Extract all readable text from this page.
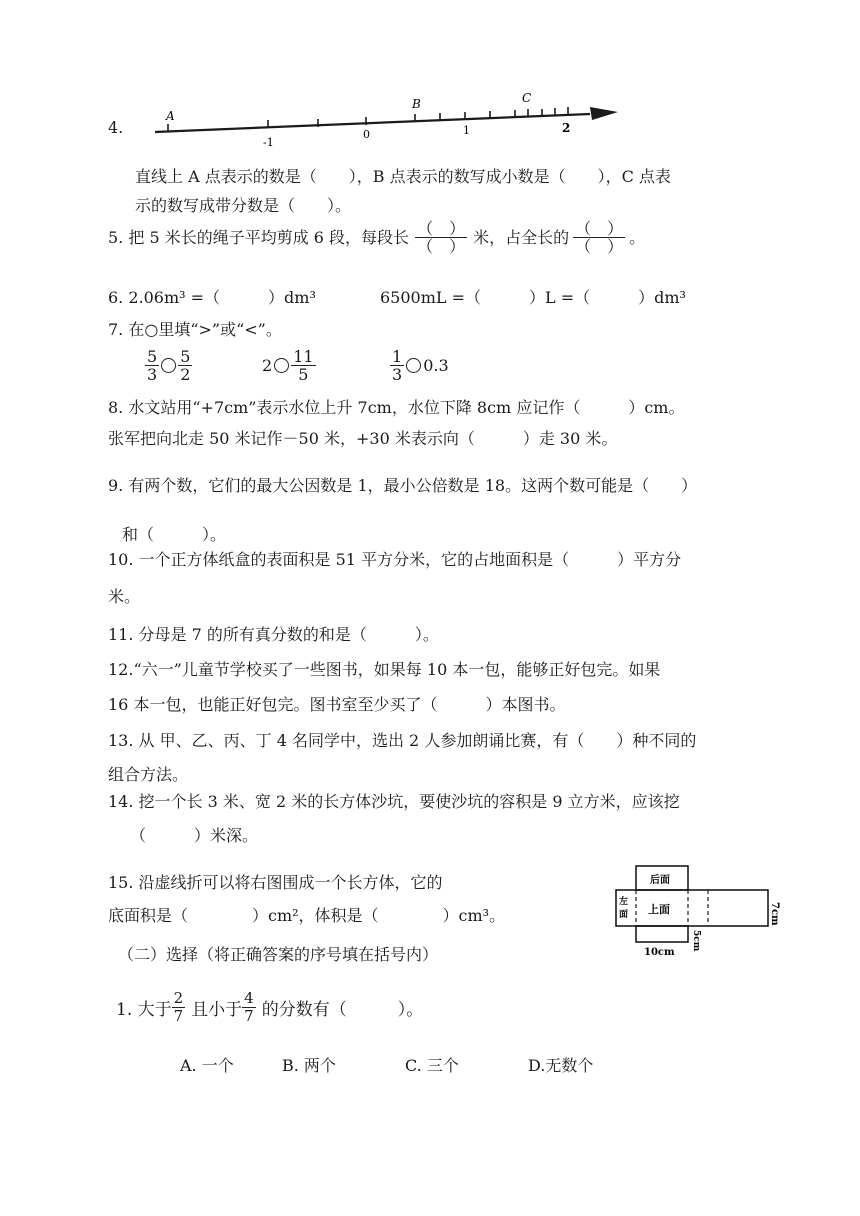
4.
A
B	C
-1
0	1	2
直线上 A 点表示的数是（　　），B 点表示的数写成小数是（　　），C 点表
示的数写成带分数是（　　）。
5. 把 5 米长的绳子平均剪成 6 段，每段长 $\frac{( )}{( )}$ 米，占全长的 $\frac{( )}{( )}$ 。
6. 2.06m³ =（　　　）dm³	6500mL =（　　　）L =（　　　）dm³
7. 在○里填“>”或“<”。
$\frac{5}{3} \frac{5}{2}$	$2 \frac{11}{5}$	$\frac{1}{3} 0.3$
8. 水文站用“+7cm”表示水位上升 7cm，水位下降 8cm 应记作（　　　）cm。
张军把向北走 50 米记作－50 米，+30 米表示向（　　　）走 30 米。
9. 有两个数，它们的最大公因数是 1，最小公倍数是 18。这两个数可能是（　　）
和（　　　）。
10. 一个正方体纸盒的表面积是 51 平方分米，它的占地面积是（　　　）平方分
米。
11. 分母是 7 的所有真分数的和是（　　　）。
12.“六一”儿童节学校买了一些图书，如果每 10 本一包，能够正好包完。如果
16 本一包，也能正好包完。图书室至少买了（　　　）本图书。
13. 从 甲、乙、丙、丁 4 名同学中，选出 2 人参加朗诵比赛，有（　　）种不同的
组合方法。
14. 挖一个长 3 米、宽 2 米的长方体沙坑，要使沙坑的容积是 9 立方米，应该挖
（　　　）米深。
15. 沿虚线折可以将右图围成一个长方体，它的
底面积是（　　　　）cm²，体积是（　　　　）cm³。
后面
左面 上面	7cm
5cm
10cm
（二）选择（将正确答案的序号填在括号内）
1. 大于 $\frac{2}{7}$ 且小于 $\frac{4}{7}$ 的分数有（　　　）。
A. 一个	B. 两个	C. 三个	D.无数个
